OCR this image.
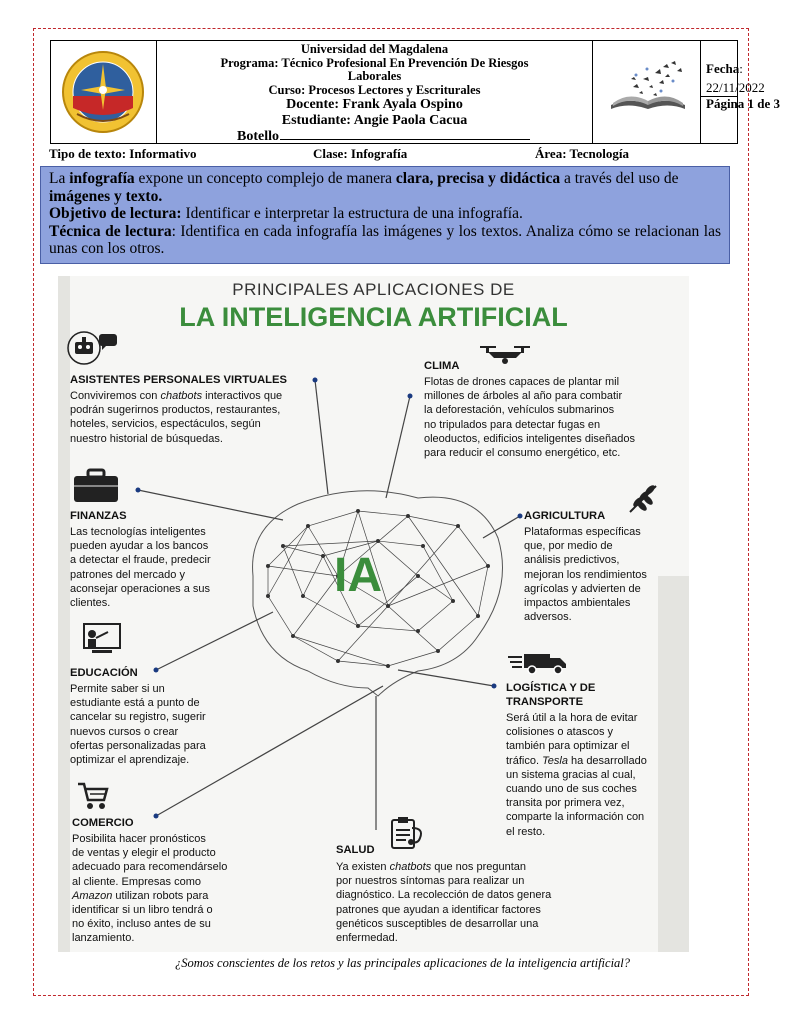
Universidad del Magdalena
Programa: Técnico Profesional En Prevención De Riesgos Laborales
Curso: Procesos Lectores y Escriturales
Docente: Frank Ayala Ospino
Estudiante: Angie Paola Cacua
Botello
Fecha:
22/11/2022
Página 1 de 3
Tipo de texto: Informativo	Clase: Infografía	Área: Tecnología

La infografía expone un concepto complejo de manera clara, precisa y didáctica a través del uso de imágenes y texto.

Objetivo de lectura: Identificar e interpretar la estructura de una infografía.

Técnica de lectura: Identifica en cada infografía las imágenes y los textos. Analiza cómo se relacionan las unas con los otros.

PRINCIPALES APLICACIONES DE
LA INTELIGENCIA ARTIFICIAL
IA
ASISTENTES PERSONALES VIRTUALES
Conviviremos con chatbots interactivos que
podrán sugerirnos productos, restaurantes,
hoteles, servicios, espectáculos, según
nuestro historial de búsquedas.
CLIMA
Flotas de drones capaces de plantar mil
millones de árboles al año para combatir
la deforestación, vehículos submarinos
no tripulados para detectar fugas en
oleoductos, edificios inteligentes diseñados
para reducir el consumo energético, etc.
FINANZAS
Las tecnologías inteligentes
pueden ayudar a los bancos
a detectar el fraude, predecir
patrones del mercado y
aconsejar operaciones a sus
clientes.
AGRICULTURA
Plataformas específicas
que, por medio de
análisis predictivos,
mejoran los rendimientos
agrícolas y advierten de
impactos ambientales
adversos.
EDUCACIÓN
Permite saber si un
estudiante está a punto de
cancelar su registro, sugerir
nuevos cursos o crear
ofertas personalizadas para
optimizar el aprendizaje.
LOGÍSTICA Y DE
TRANSPORTE
Será útil a la hora de evitar
colisiones o atascos y
también para optimizar el
tráfico. Tesla ha desarrollado
un sistema gracias al cual,
cuando uno de sus coches
transita por primera vez,
comparte la información con
el resto.
COMERCIO
Posibilita hacer pronósticos
de ventas y elegir el producto
adecuado para recomendárselo
al cliente. Empresas como
Amazon utilizan robots para
identificar si un libro tendrá o
no éxito, incluso antes de su
lanzamiento.
SALUD
Ya existen chatbots que nos preguntan
por nuestros síntomas para realizar un
diagnóstico. La recolección de datos genera
patrones que ayudan a identificar factores
genéticos susceptibles de desarrollar una
enfermedad.
¿Somos conscientes de los retos y las principales aplicaciones de la inteligencia artificial?
